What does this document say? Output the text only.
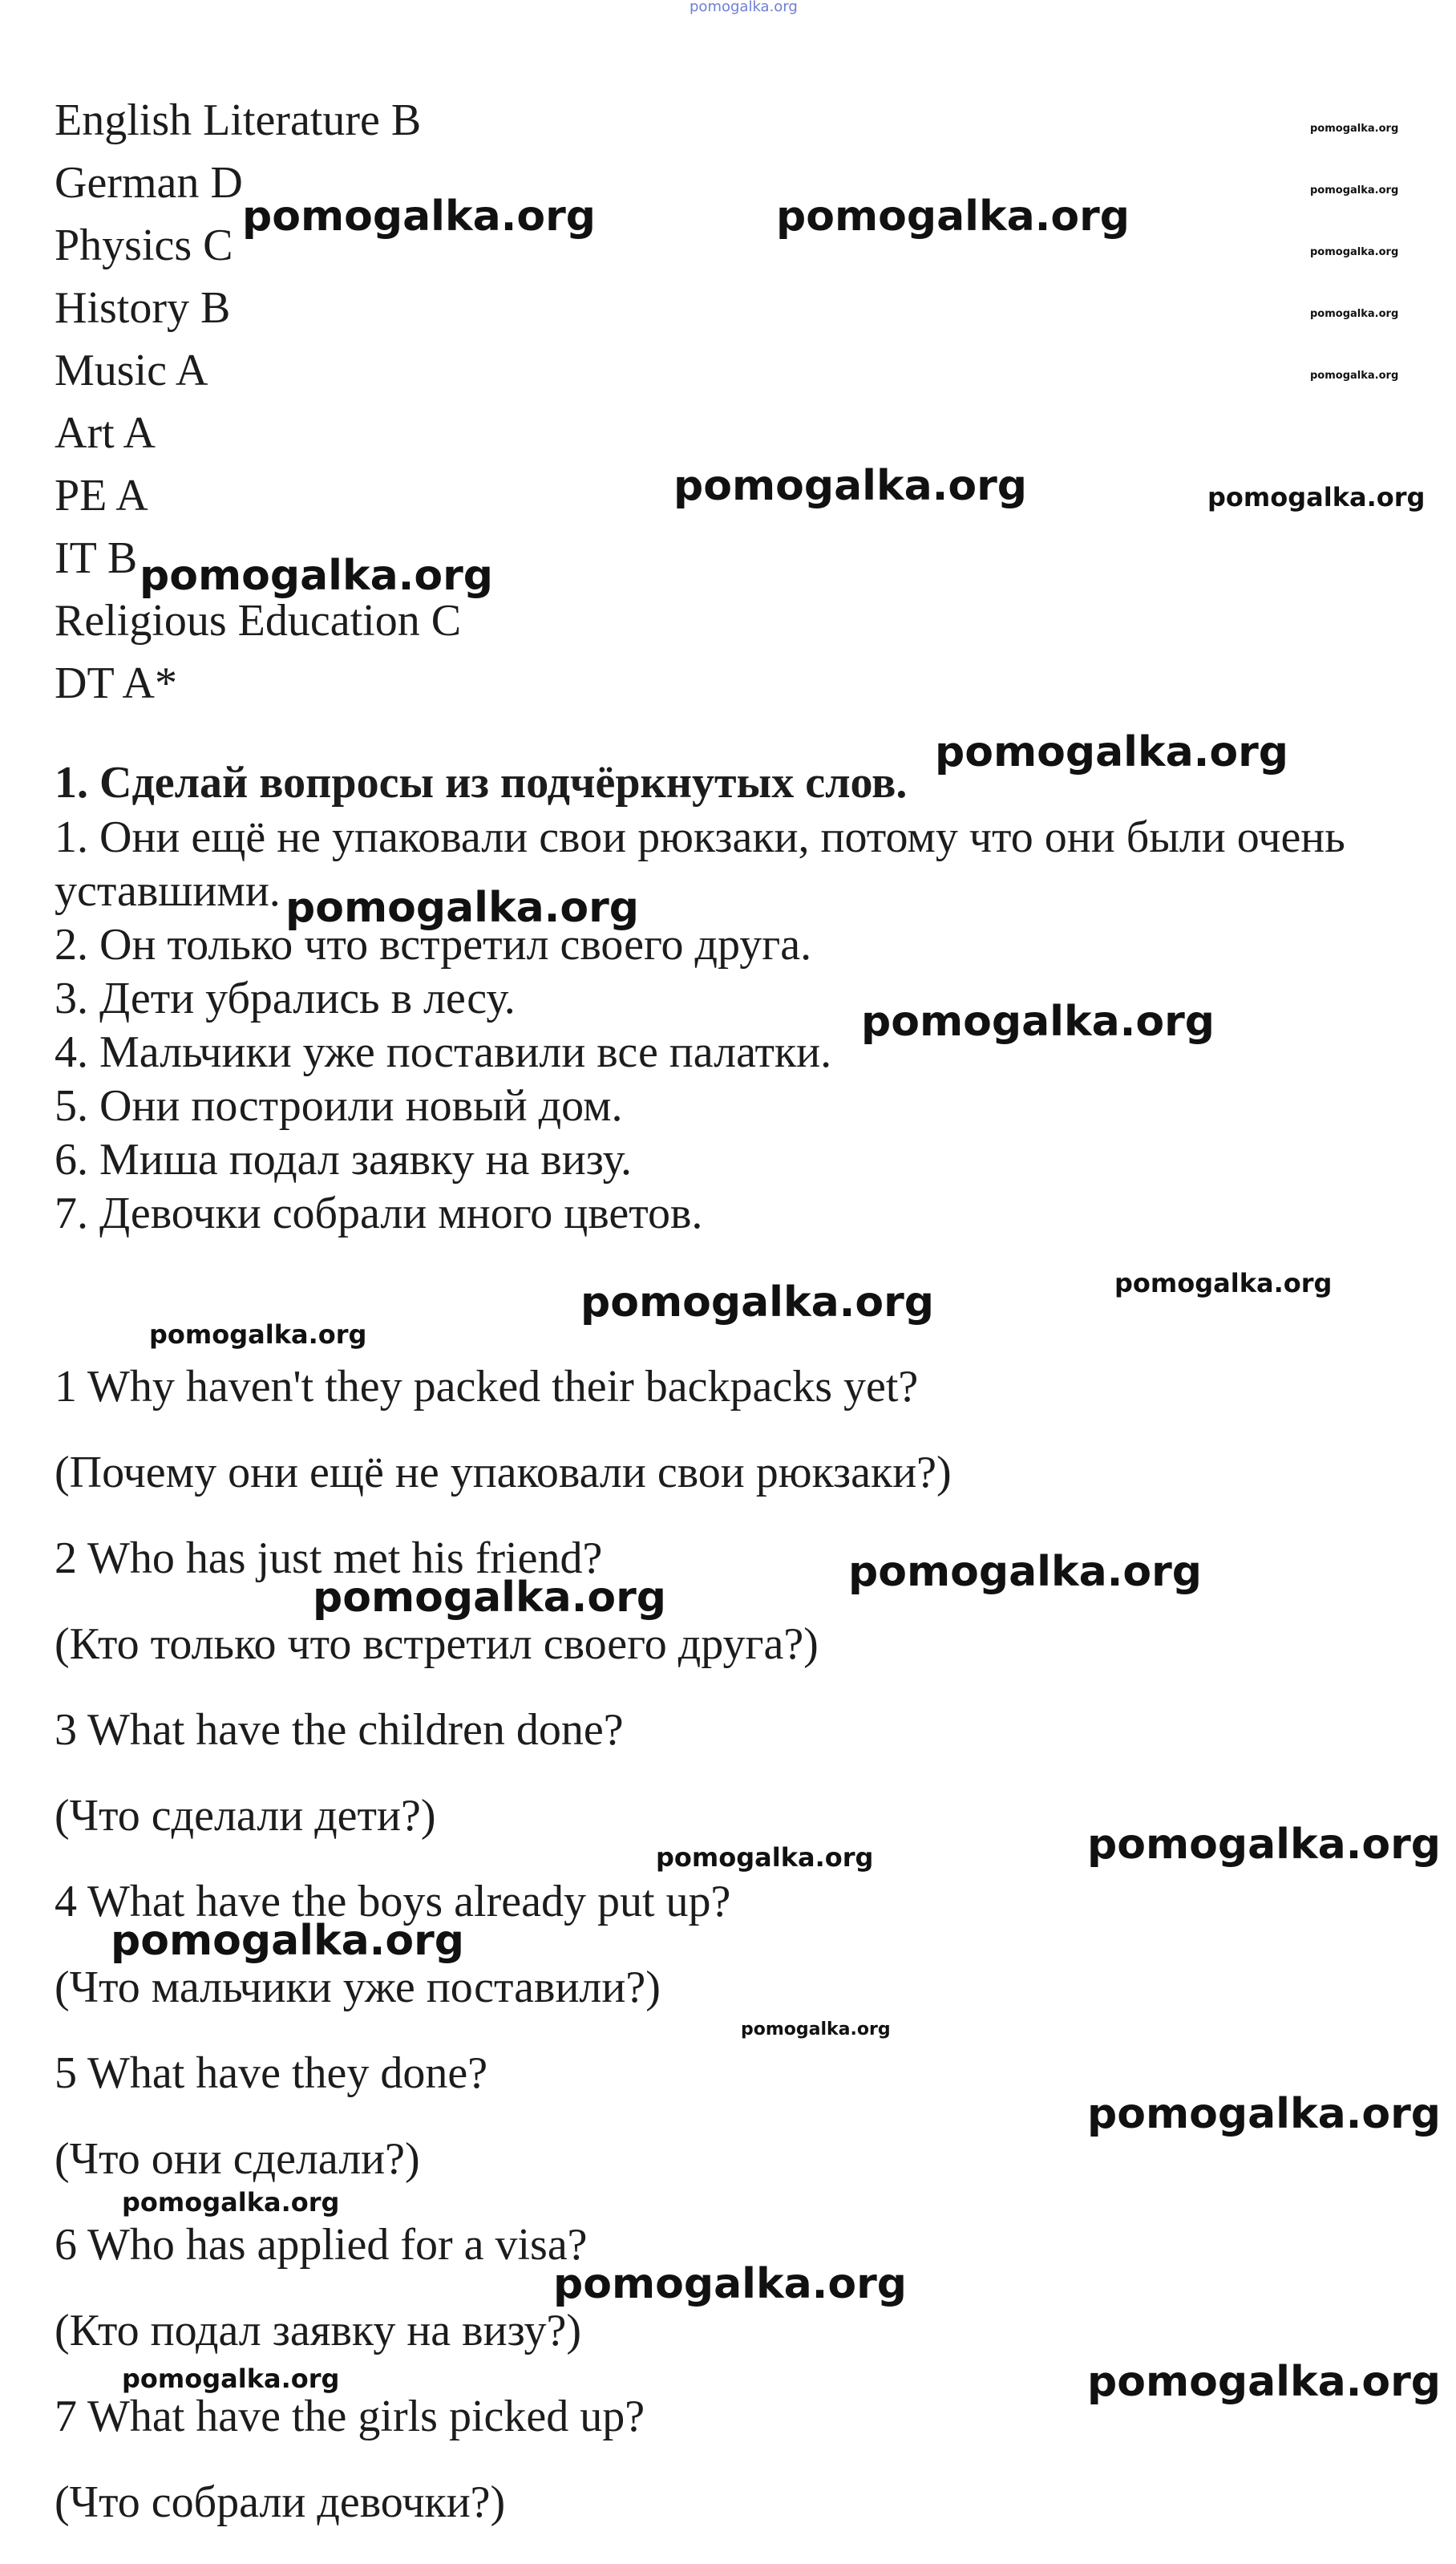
English Literature B
German D
Physics C
History B
Music A
Art A
PE A
IT B
Religious Education C
DT A*
1. Сделай вопросы из подчёркнутых слов.
1. Они ещё не упаковали свои рюкзаки, потому что они были очень
уставшими.
2. Он только что встретил своего друга.
3. Дети убрались в лесу.
4. Мальчики уже поставили все палатки.
5. Они построили новый дом.
6. Миша подал заявку на визу.
7. Девочки собрали много цветов.
1 Why haven't they packed their backpacks yet?
(Почему они ещё не упаковали свои рюкзаки?)
2 Who has just met his friend?
(Кто только что встретил своего друга?)
3 What have the children done?
(Что сделали дети?)
4 What have the boys already put up?
(Что мальчики уже поставили?)
5 What have they done?
(Что они сделали?)
6 Who has applied for a visa?
(Кто подал заявку на визу?)
7 What have the girls picked up?
(Что собрали девочки?)
pomogalka.org
pomogalka.org
pomogalka.org
pomogalka.org
pomogalka.org
pomogalka.org
pomogalka.org	pomogalka.org
pomogalka.org	pomogalka.org
pomogalka.org
pomogalka.org
pomogalka.org
pomogalka.org
pomogalka.org
pomogalka.org
pomogalka.org
pomogalka.org
pomogalka.org
pomogalka.org	pomogalka.org
pomogalka.org
pomogalka.org
pomogalka.org
pomogalka.org
pomogalka.org
pomogalka.org	pomogalka.org
